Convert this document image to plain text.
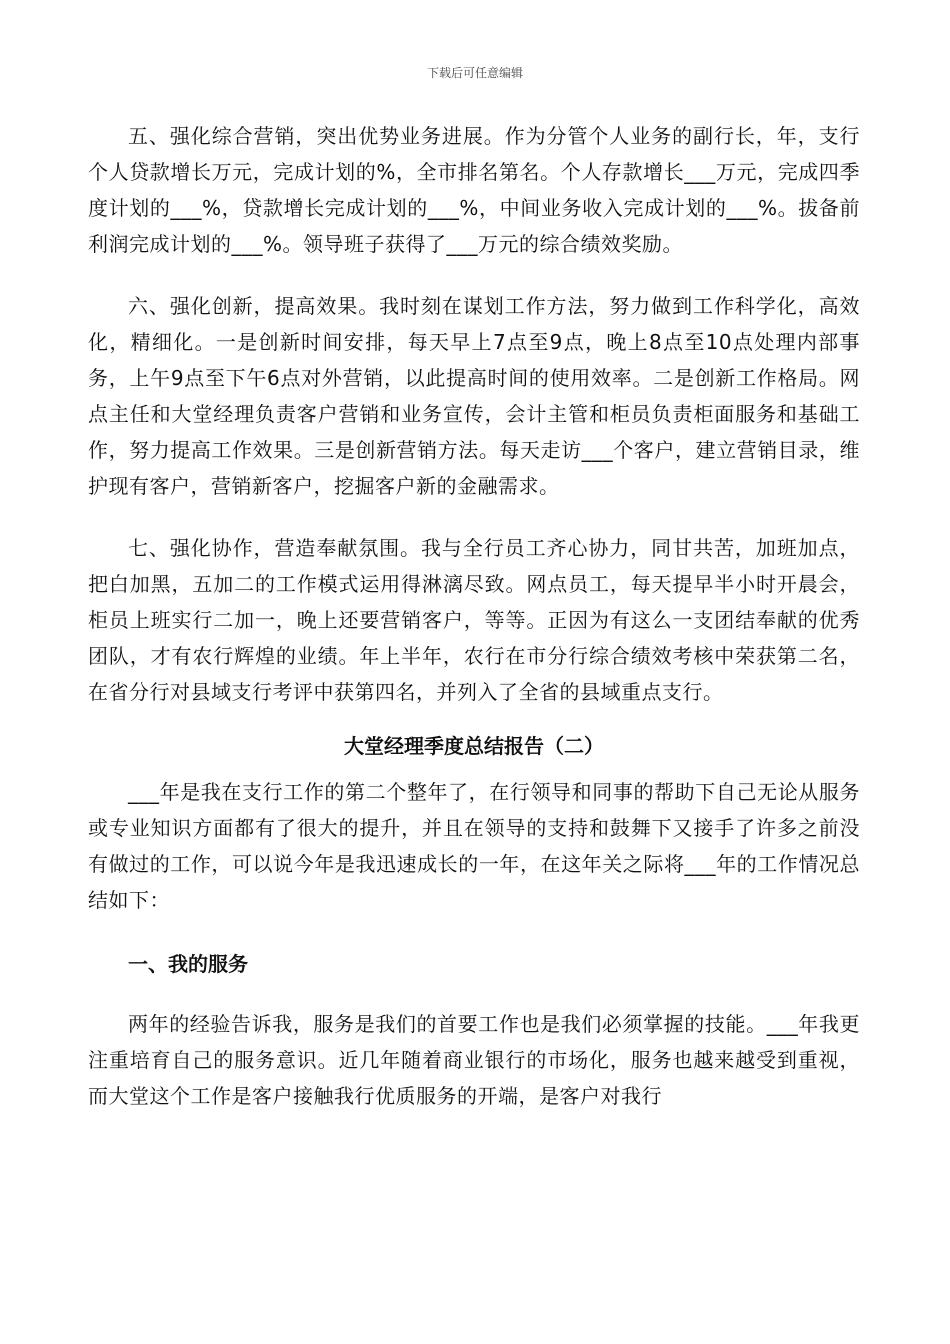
下载后可任意编辑

五、强化综合营销，突出优势业务进展。作为分管个人业务的副行长，年，支行个人贷款增长万元，完成计划的%，全市排名第名。个人存款增长___万元，完成四季度计划的___%，贷款增长完成计划的___%，中间业务收入完成计划的___%。拔备前利润完成计划的___%。领导班子获得了___万元的综合绩效奖励。

六、强化创新，提高效果。我时刻在谋划工作方法，努力做到工作科学化，高效化，精细化。一是创新时间安排，每天早上7点至9点，晚上8点至10点处理内部事务，上午9点至下午6点对外营销，以此提高时间的使用效率。二是创新工作格局。网点主任和大堂经理负责客户营销和业务宣传，会计主管和柜员负责柜面服务和基础工作，努力提高工作效果。三是创新营销方法。每天走访___个客户，建立营销目录，维护现有客户，营销新客户，挖掘客户新的金融需求。

七、强化协作，营造奉献氛围。我与全行员工齐心协力，同甘共苦，加班加点，把白加黑，五加二的工作模式运用得淋漓尽致。网点员工，每天提早半小时开晨会，柜员上班实行二加一，晚上还要营销客户，等等。正因为有这么一支团结奉献的优秀团队，才有农行辉煌的业绩。年上半年，农行在市分行综合绩效考核中荣获第二名，在省分行对县域支行考评中获第四名，并列入了全省的县域重点支行。

大堂经理季度总结报告（二）

___年是我在支行工作的第二个整年了，在行领导和同事的帮助下自己无论从服务或专业知识方面都有了很大的提升，并且在领导的支持和鼓舞下又接手了许多之前没有做过的工作，可以说今年是我迅速成长的一年，在这年关之际将___年的工作情况总结如下：

一、我的服务

两年的经验告诉我，服务是我们的首要工作也是我们必须掌握的技能。___年我更注重培育自己的服务意识。近几年随着商业银行的市场化，服务也越来越受到重视，而大堂这个工作是客户接触我行优质服务的开端，是客户对我行
